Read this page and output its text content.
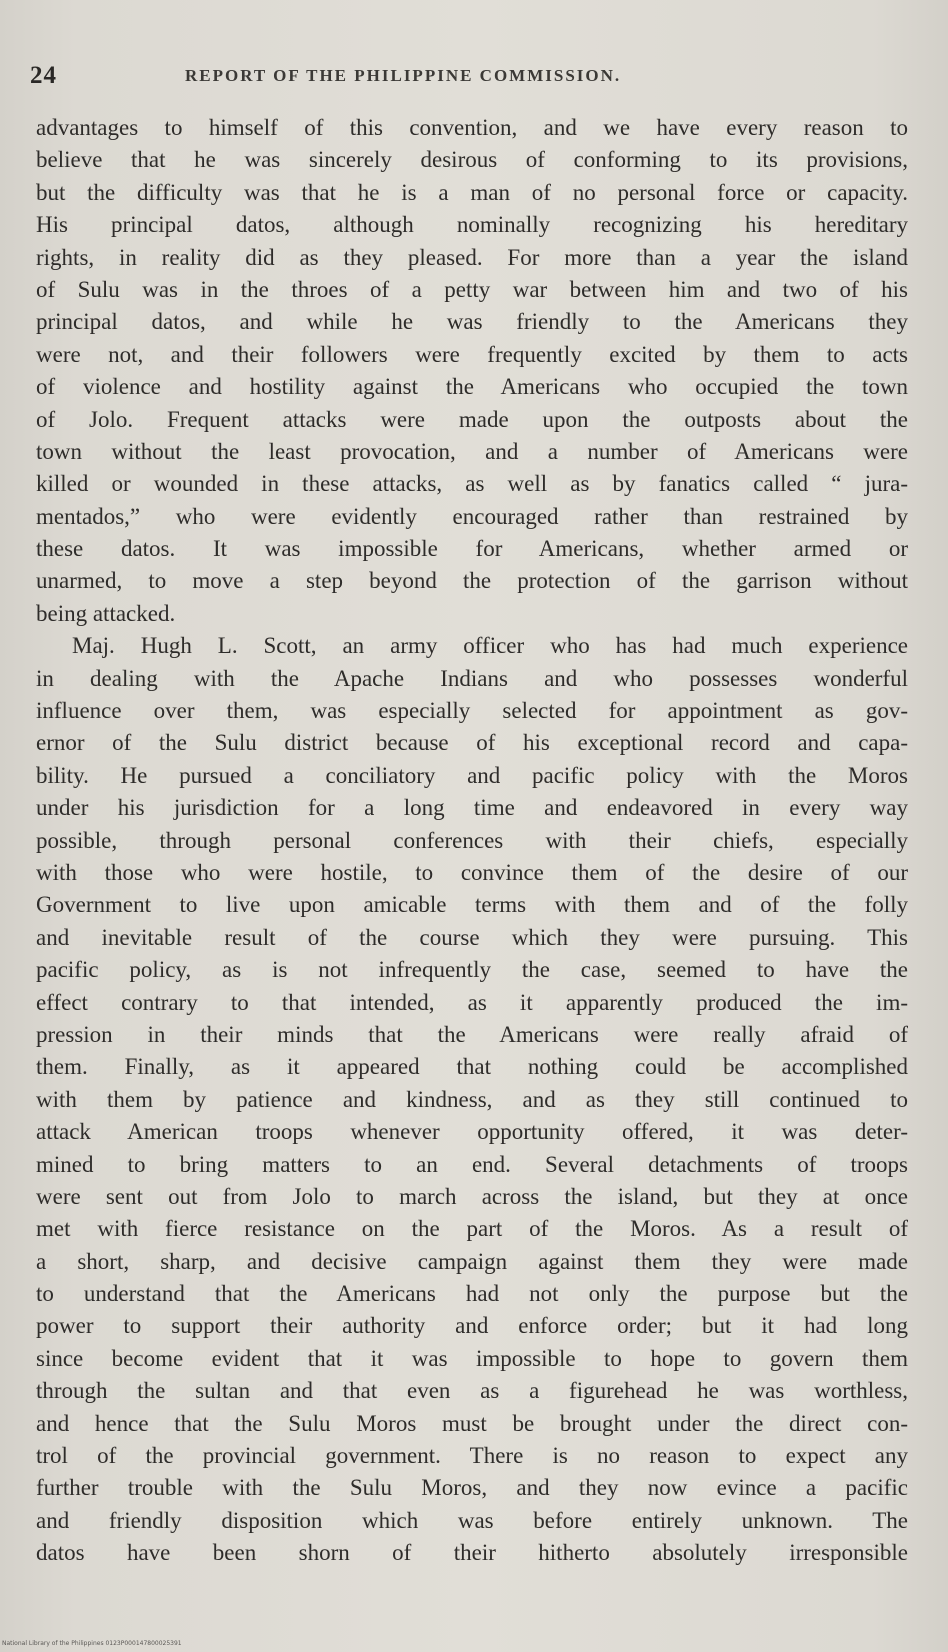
24	REPORT OF THE PHILIPPINE COMMISSION.
advantages to himself of this convention, and we have every reason to
believe that he was sincerely desirous of conforming to its provisions,
but the difficulty was that he is a man of no personal force or capacity.
His principal datos, although nominally recognizing his hereditary
rights, in reality did as they pleased. For more than a year the island
of Sulu was in the throes of a petty war between him and two of his
principal datos, and while he was friendly to the Americans they
were not, and their followers were frequently excited by them to acts
of violence and hostility against the Americans who occupied the town
of Jolo. Frequent attacks were made upon the outposts about the
town without the least provocation, and a number of Americans were
killed or wounded in these attacks, as well as by fanatics called “ jura-
mentados,” who were evidently encouraged rather than restrained by
these datos. It was impossible for Americans, whether armed or
unarmed, to move a step beyond the protection of the garrison without
being attacked.
Maj. Hugh L. Scott, an army officer who has had much experience
in dealing with the Apache Indians and who possesses wonderful
influence over them, was especially selected for appointment as gov-
ernor of the Sulu district because of his exceptional record and capa-
bility. He pursued a conciliatory and pacific policy with the Moros
under his jurisdiction for a long time and endeavored in every way
possible, through personal conferences with their chiefs, especially
with those who were hostile, to convince them of the desire of our
Government to live upon amicable terms with them and of the folly
and inevitable result of the course which they were pursuing. This
pacific policy, as is not infrequently the case, seemed to have the
effect contrary to that intended, as it apparently produced the im-
pression in their minds that the Americans were really afraid of
them. Finally, as it appeared that nothing could be accomplished
with them by patience and kindness, and as they still continued to
attack American troops whenever opportunity offered, it was deter-
mined to bring matters to an end. Several detachments of troops
were sent out from Jolo to march across the island, but they at once
met with fierce resistance on the part of the Moros. As a result of
a short, sharp, and decisive campaign against them they were made
to understand that the Americans had not only the purpose but the
power to support their authority and enforce order; but it had long
since become evident that it was impossible to hope to govern them
through the sultan and that even as a figurehead he was worthless,
and hence that the Sulu Moros must be brought under the direct con-
trol of the provincial government. There is no reason to expect any
further trouble with the Sulu Moros, and they now evince a pacific
and friendly disposition which was before entirely unknown. The
datos have been shorn of their hitherto absolutely irresponsible
National Library of the Philippines 0123P000147800025391
